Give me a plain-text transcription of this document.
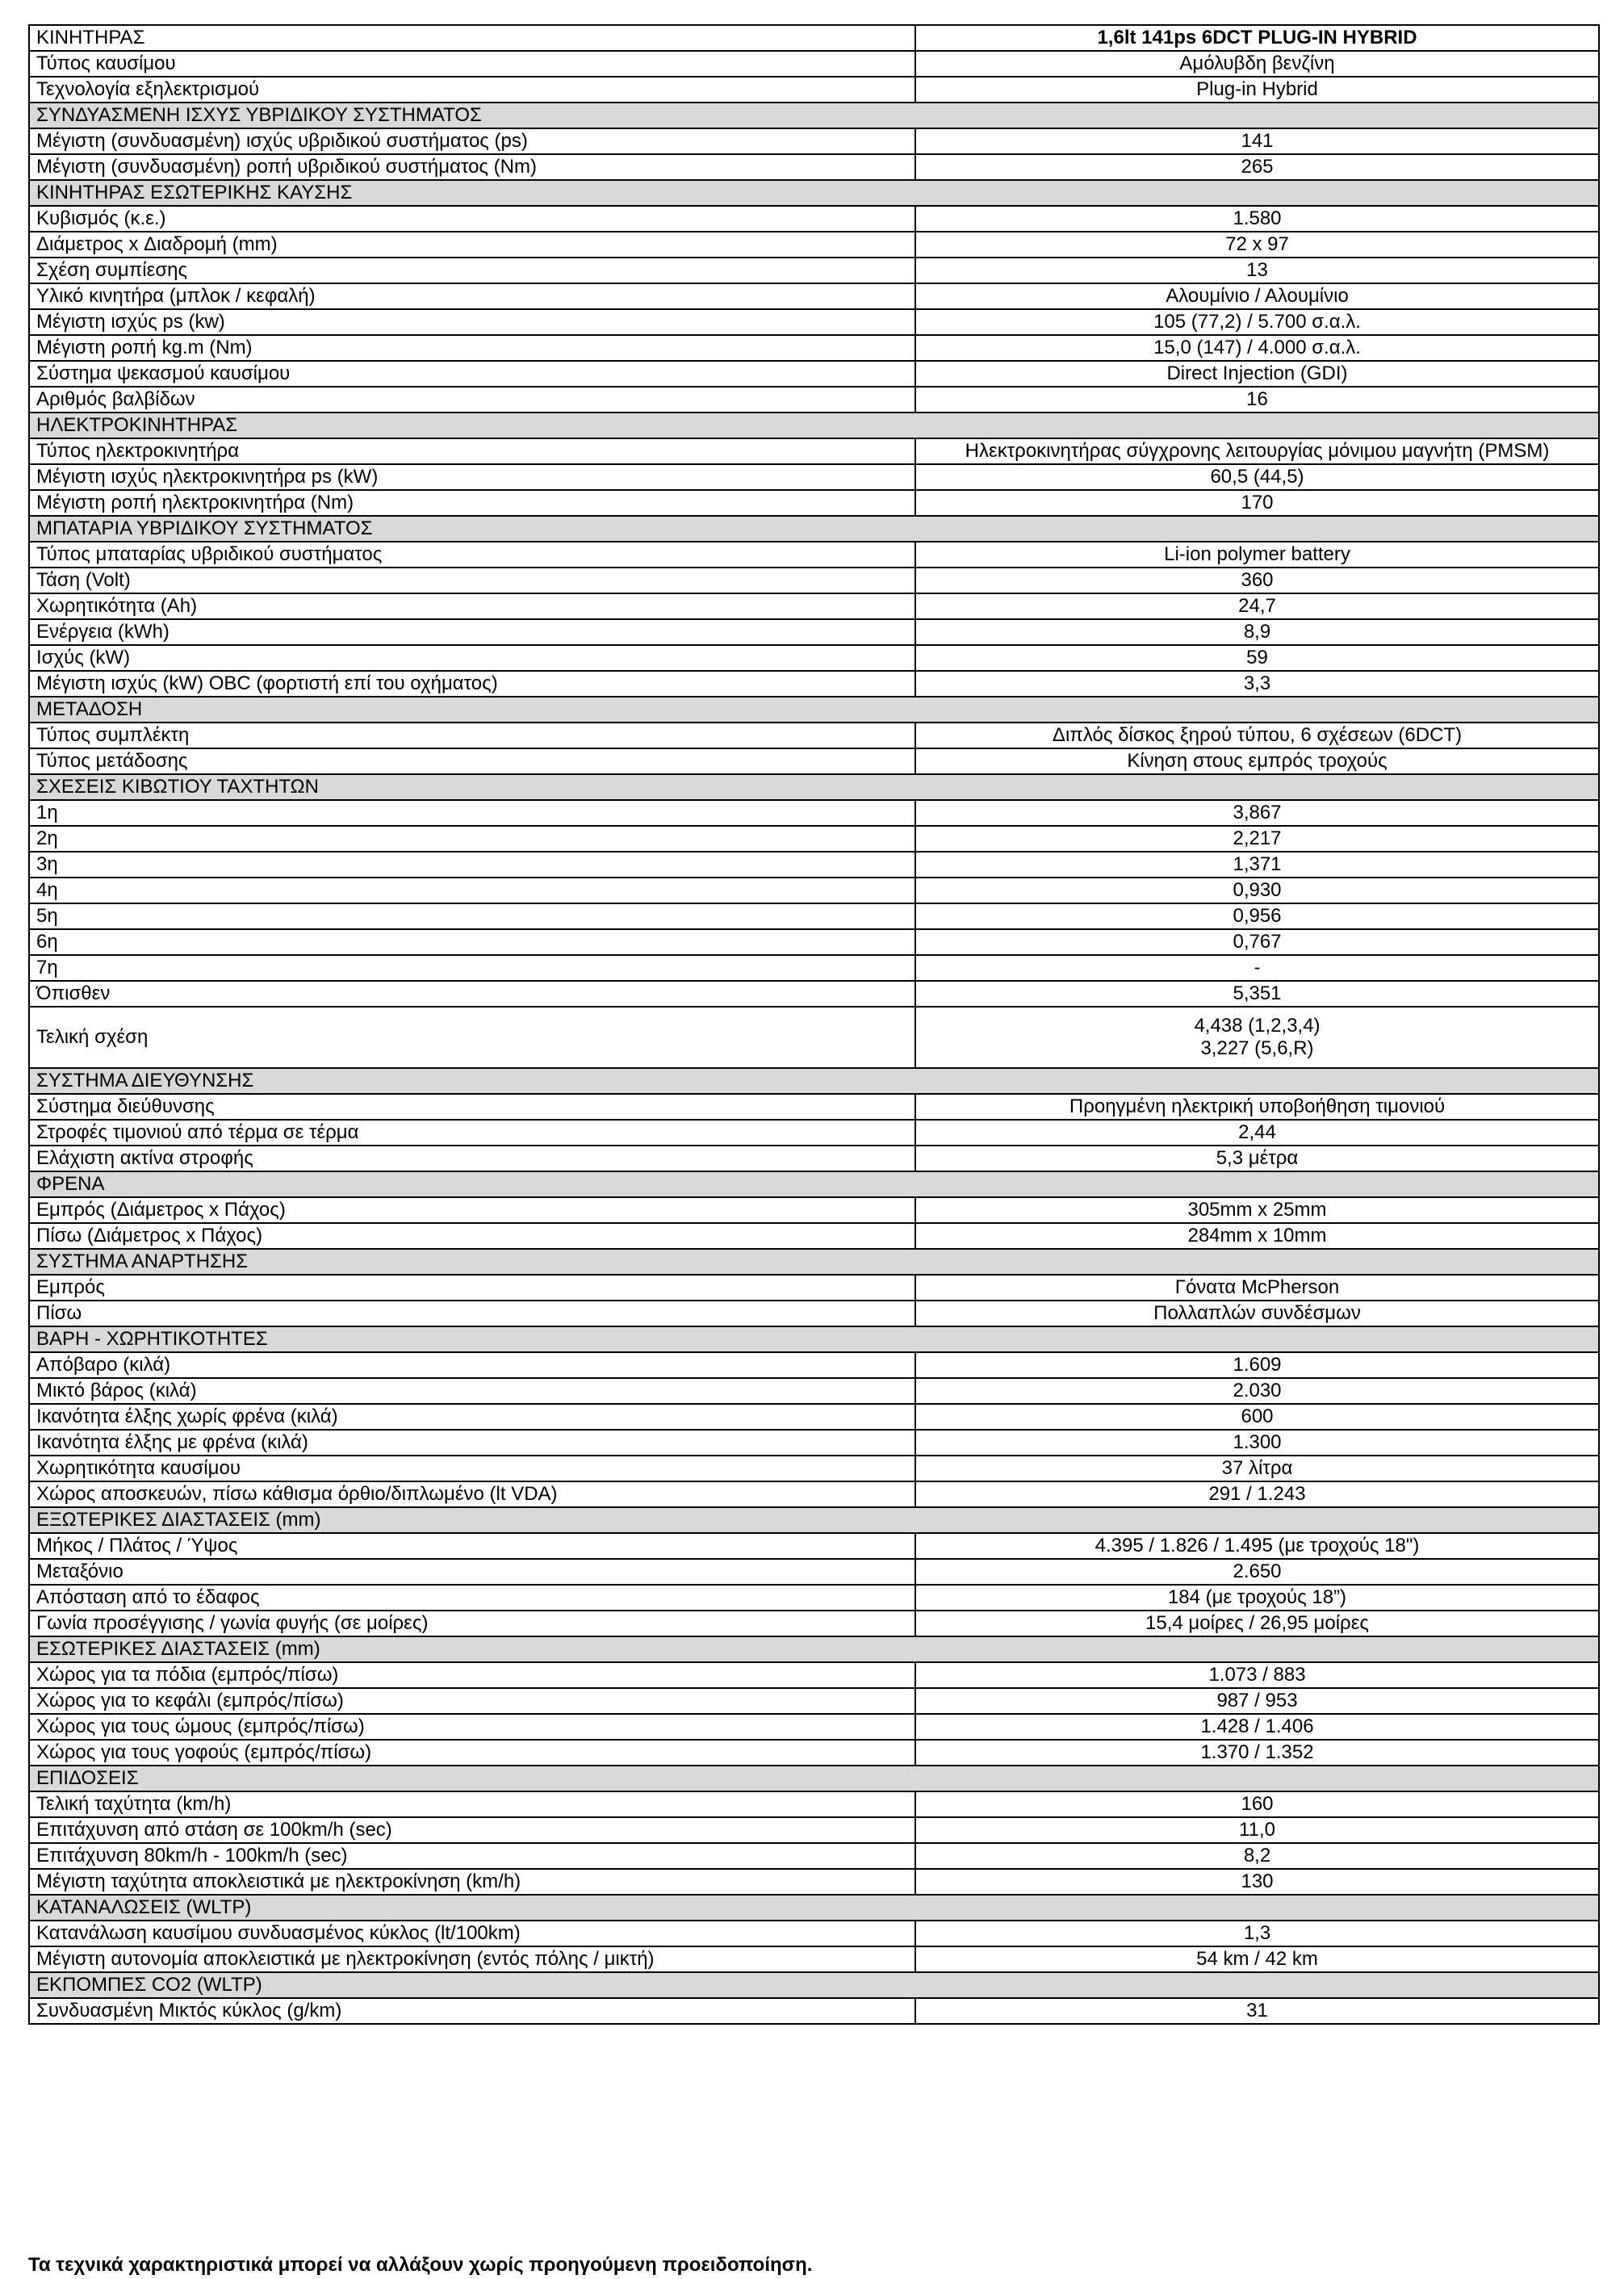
ΚΙΝΗΤΗΡΑΣ	1,6lt 141ps 6DCT PLUG-IN HYBRID
Τύπος καυσίμου	Αμόλυβδη βενζίνη
Τεχνολογία εξηλεκτρισμού	Plug-in Hybrid
ΣΥΝΔΥΑΣΜΕΝΗ ΙΣΧΥΣ ΥΒΡΙΔΙΚΟΥ ΣΥΣΤΗΜΑΤΟΣ	
Μέγιστη (συνδυασμένη) ισχύς υβριδικού συστήματος (ps)	141
Μέγιστη (συνδυασμένη) ροπή υβριδικού συστήματος (Nm)	265
ΚΙΝΗΤΗΡΑΣ ΕΣΩΤΕΡΙΚΗΣ ΚΑΥΣΗΣ	
Κυβισμός (κ.ε.)	1.580
Διάμετρος x Διαδρομή (mm)	72 x 97
Σχέση συμπίεσης	13
Υλικό κινητήρα (μπλοκ / κεφαλή)	Αλουμίνιο / Αλουμίνιο
Μέγιστη ισχύς ps (kw)	105 (77,2) / 5.700 σ.α.λ.
Μέγιστη ροπή kg.m (Nm)	15,0 (147) / 4.000 σ.α.λ.
Σύστημα ψεκασμού καυσίμου	Direct Injection (GDI)
Αριθμός βαλβίδων	16
ΗΛΕΚΤΡΟΚΙΝΗΤΗΡΑΣ	
Τύπος ηλεκτροκινητήρα	Ηλεκτροκινητήρας σύγχρονης λειτουργίας μόνιμου μαγνήτη (PMSM)
Μέγιστη ισχύς ηλεκτροκινητήρα ps (kW)	60,5 (44,5)
Μέγιστη ροπή ηλεκτροκινητήρα (Nm)	170
ΜΠΑΤΑΡΙΑ ΥΒΡΙΔΙΚΟΥ ΣΥΣΤΗΜΑΤΟΣ	
Τύπος μπαταρίας υβριδικού συστήματος	Li-ion polymer battery
Τάση (Volt)	360
Χωρητικότητα (Ah)	24,7
Ενέργεια (kWh)	8,9
Ισχύς (kW)	59
Μέγιστη ισχύς (kW) OBC (φορτιστή επί του οχήματος)	3,3
ΜΕΤΑΔΟΣΗ	
Τύπος συμπλέκτη	Διπλός δίσκος ξηρού τύπου, 6 σχέσεων (6DCT)
Τύπος μετάδοσης	Κίνηση στους εμπρός τροχούς
ΣΧΕΣΕΙΣ ΚΙΒΩΤΙΟΥ ΤΑΧΤΗΤΩΝ	
1η	3,867
2η	2,217
3η	1,371
4η	0,930
5η	0,956
6η	0,767
7η	-
Όπισθεν	5,351
Τελική σχέση	4,438 (1,2,3,4)
3,227 (5,6,R)

ΣΥΣΤΗΜΑ ΔΙΕΥΘΥΝΣΗΣ	
Σύστημα διεύθυνσης	Προηγμένη ηλεκτρική υποβοήθηση τιμονιού
Στροφές τιμονιού από τέρμα σε τέρμα	2,44
Ελάχιστη ακτίνα στροφής	5,3 μέτρα
ΦΡΕΝΑ	
Εμπρός (Διάμετρος x Πάχος)	305mm x 25mm
Πίσω (Διάμετρος x Πάχος)	284mm x 10mm
ΣΥΣΤΗΜΑ ΑΝΑΡΤΗΣΗΣ	
Εμπρός	Γόνατα McPherson
Πίσω	Πολλαπλών συνδέσμων
ΒΑΡΗ - ΧΩΡΗΤΙΚΟΤΗΤΕΣ	
Απόβαρο (κιλά)	1.609
Μικτό βάρος (κιλά)	2.030
Ικανότητα έλξης χωρίς φρένα (κιλά)	600
Ικανότητα έλξης με φρένα (κιλά)	1.300
Χωρητικότητα καυσίμου	37 λίτρα
Χώρος αποσκευών, πίσω κάθισμα όρθιο/διπλωμένο (lt VDA)	291 / 1.243
ΕΞΩΤΕΡΙΚΕΣ ΔΙΑΣΤΑΣΕΙΣ (mm)	
Μήκος / Πλάτος / Ύψος	4.395 / 1.826 / 1.495 (με τροχούς 18")
Μεταξόνιο	2.650
Απόσταση από το έδαφος	184 (με τροχούς 18”)
Γωνία προσέγγισης / γωνία φυγής (σε μοίρες)	15,4 μοίρες / 26,95 μοίρες
ΕΣΩΤΕΡΙΚΕΣ ΔΙΑΣΤΑΣΕΙΣ (mm)	
Χώρος για τα πόδια (εμπρός/πίσω)	1.073 / 883
Χώρος για το κεφάλι (εμπρός/πίσω)	987 / 953
Χώρος για τους ώμους (εμπρός/πίσω)	1.428 / 1.406
Χώρος για τους γοφούς (εμπρός/πίσω)	1.370 / 1.352
ΕΠΙΔΟΣΕΙΣ	
Τελική ταχύτητα (km/h)	160
Επιτάχυνση από στάση σε 100km/h (sec)	11,0
Επιτάχυνση 80km/h - 100km/h (sec)	8,2
Μέγιστη ταχύτητα αποκλειστικά με ηλεκτροκίνηση (km/h)	130
ΚΑΤΑΝΑΛΩΣΕΙΣ (WLTP)	
Κατανάλωση καυσίμου συνδυασμένος κύκλος (lt/100km)	1,3
Μέγιστη αυτονομία αποκλειστικά με ηλεκτροκίνηση (εντός πόλης / μικτή)	54 km / 42 km
ΕΚΠΟΜΠΕΣ CO2 (WLTP)	
Συνδυασμένη Μικτός κύκλος (g/km)	31
Τα τεχνικά χαρακτηριστικά μπορεί να αλλάξουν χωρίς προηγούμενη προειδοποίηση.
